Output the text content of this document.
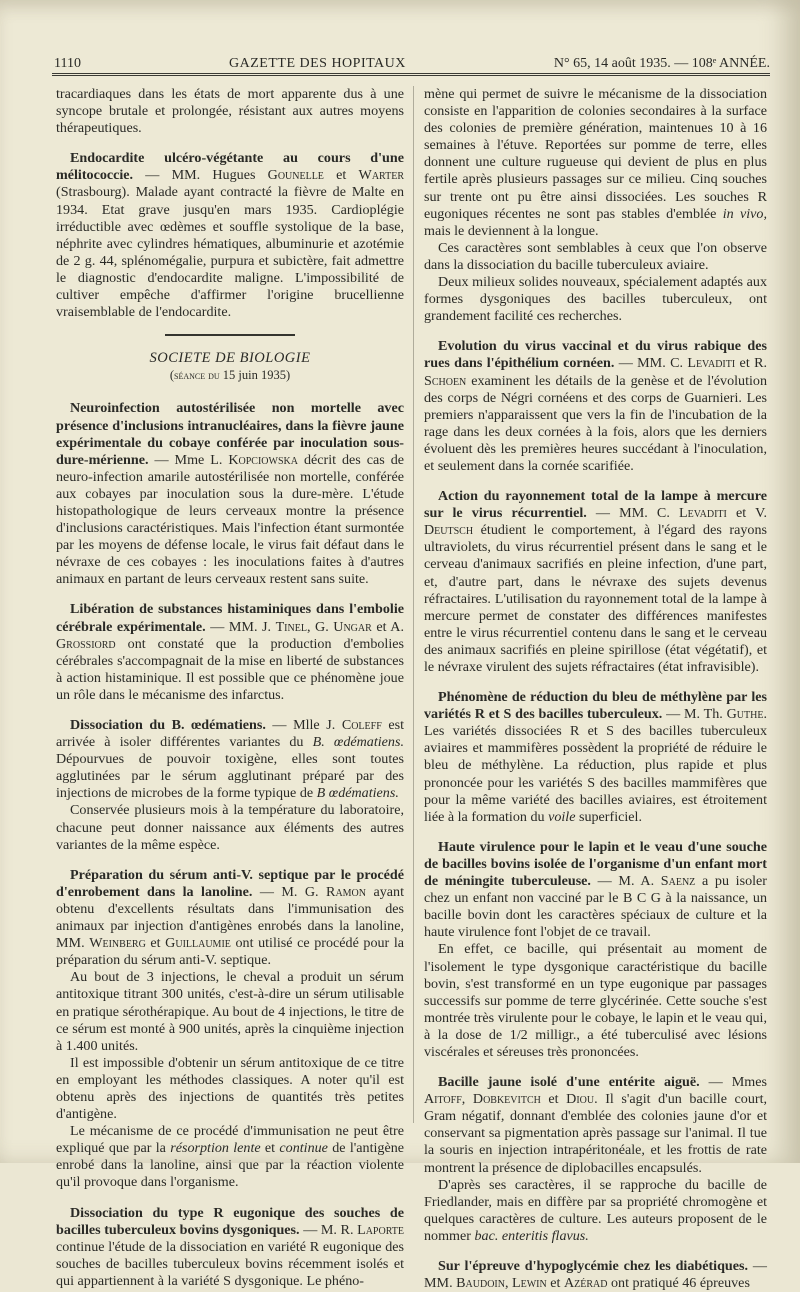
1110	GAZETTE DES HOPITAUX	N° 65, 14 août 1935. — 108ᵉ ANNÉE.

tracardiaques dans les états de mort apparente dus à une syncope brutale et prolongée, résistant aux autres moyens thérapeutiques.

Endocardite ulcéro-végétante au cours d'une mélitococcie. — MM. Hugues Gounelle et Warter (Strasbourg). Malade ayant contracté la fièvre de Malte en 1934. Etat grave jusqu'en mars 1935. Cardioplégie irréductible avec œdèmes et souffle systolique de la base, néphrite avec cylindres hématiques, albuminurie et azotémie de 2 g. 44, splénomégalie, purpura et subictère, fait admettre le diagnostic d'endocardite maligne. L'impossibilité de cultiver empêche d'affirmer l'origine brucellienne vraisemblable de l'endocardite.

SOCIETE DE BIOLOGIE
(séance du 15 juin 1935)

Neuroinfection autostérilisée non mortelle avec présence d'inclusions intranucléaires, dans la fièvre jaune expérimentale du cobaye conférée par inoculation sous-dure-mérienne. — Mme L. Kopciowska décrit des cas de neuro-infection amarile autostérilisée non mortelle, conférée aux cobayes par inoculation sous la dure-mère. L'étude histopathologique de leurs cerveaux montre la présence d'inclusions caractéristiques. Mais l'infection étant surmontée par les moyens de défense locale, le virus fait défaut dans le névraxe de ces cobayes : les inoculations faites à d'autres animaux en partant de leurs cerveaux restent sans suite.

Libération de substances histaminiques dans l'embolie cérébrale expérimentale. — MM. J. Tinel, G. Ungar et A. Grossiord ont constaté que la production d'embolies cérébrales s'accompagnait de la mise en liberté de substances à action histaminique. Il est possible que ce phénomène joue un rôle dans le mécanisme des infarctus.

Dissociation du B. œdématiens. — Mlle J. Coleff est arrivée à isoler différentes variantes du B. œdématiens. Dépourvues de pouvoir toxigène, elles sont toutes agglutinées par le sérum agglutinant préparé par des injections de microbes de la forme typique de B œdématiens.

Conservée plusieurs mois à la température du laboratoire, chacune peut donner naissance aux éléments des autres variantes de la même espèce.

Préparation du sérum anti-V. septique par le procédé d'enrobement dans la lanoline. — M. G. Ramon ayant obtenu d'excellents résultats dans l'immunisation des animaux par injection d'antigènes enrobés dans la lanoline, MM. Weinberg et Guillaumie ont utilisé ce procédé pour la préparation du sérum anti-V. septique.

Au bout de 3 injections, le cheval a produit un sérum antitoxique titrant 300 unités, c'est-à-dire un sérum utilisable en pratique sérothérapique. Au bout de 4 injections, le titre de ce sérum est monté à 900 unités, après la cinquième injection à 1.400 unités.

Il est impossible d'obtenir un sérum antitoxique de ce titre en employant les méthodes classiques. A noter qu'il est obtenu après des injections de quantités très petites d'antigène.

Le mécanisme de ce procédé d'immunisation ne peut être expliqué que par la résorption lente et continue de l'antigène enrobé dans la lanoline, ainsi que par la réaction violente qu'il provoque dans l'organisme.

Dissociation du type R eugonique des souches de bacilles tuberculeux bovins dysgoniques. — M. R. Laporte continue l'étude de la dissociation en variété R eugonique des souches de bacilles tuberculeux bovins récemment isolés et qui appartiennent à la variété S dysgonique. Le phéno-

mène qui permet de suivre le mécanisme de la dissociation consiste en l'apparition de colonies secondaires à la surface des colonies de première génération, maintenues 10 à 16 semaines à l'étuve. Reportées sur pomme de terre, elles donnent une culture rugueuse qui devient de plus en plus fertile après plusieurs passages sur ce milieu. Cinq souches sur trente ont pu être ainsi dissociées. Les souches R eugoniques récentes ne sont pas stables d'emblée in vivo, mais le deviennent à la longue.

Ces caractères sont semblables à ceux que l'on observe dans la dissociation du bacille tuberculeux aviaire.

Deux milieux solides nouveaux, spécialement adaptés aux formes dysgoniques des bacilles tuberculeux, ont grandement facilité ces recherches.

Evolution du virus vaccinal et du virus rabique des rues dans l'épithélium cornéen. — MM. C. Levaditi et R. Schoen examinent les détails de la genèse et de l'évolution des corps de Négri cornéens et des corps de Guarnieri. Les premiers n'apparaissent que vers la fin de l'incubation de la rage dans les deux cornées à la fois, alors que les derniers évoluent dès les premières heures succédant à l'inoculation, et seulement dans la cornée scarifiée.

Action du rayonnement total de la lampe à mercure sur le virus récurrentiel. — MM. C. Levaditi et V. Deutsch étudient le comportement, à l'égard des rayons ultraviolets, du virus récurrentiel présent dans le sang et le cerveau d'animaux sacrifiés en pleine infection, d'une part, et, d'autre part, dans le névraxe des sujets devenus réfractaires. L'utilisation du rayonnement total de la lampe à mercure permet de constater des différences manifestes entre le virus récurrentiel contenu dans le sang et le cerveau des animaux sacrifiés en pleine spirillose (état végétatif), et le névraxe virulent des sujets réfractaires (état infravisible).

Phénomène de réduction du bleu de méthylène par les variétés R et S des bacilles tuberculeux. — M. Th. Guthe. Les variétés dissociées R et S des bacilles tuberculeux aviaires et mammifères possèdent la propriété de réduire le bleu de méthylène. La réduction, plus rapide et plus prononcée pour les variétés S des bacilles mammifères que pour la même variété des bacilles aviaires, est étroitement liée à la formation du voile superficiel.

Haute virulence pour le lapin et le veau d'une souche de bacilles bovins isolée de l'organisme d'un enfant mort de méningite tuberculeuse. — M. A. Saenz a pu isoler chez un enfant non vacciné par le B C G à la naissance, un bacille bovin dont les caractères spéciaux de culture et la haute virulence font l'objet de ce travail.

En effet, ce bacille, qui présentait au moment de l'isolement le type dysgonique caractéristique du bacille bovin, s'est transformé en un type eugonique par passages successifs sur pomme de terre glycérinée. Cette souche s'est montrée très virulente pour le cobaye, le lapin et le veau qui, à la dose de 1/2 milligr., a été tuberculisé avec lésions viscérales et séreuses très prononcées.

Bacille jaune isolé d'une entérite aiguë. — Mmes Aitoff, Dobkevitch et Diou. Il s'agit d'un bacille court, Gram négatif, donnant d'emblée des colonies jaune d'or et conservant sa pigmentation après passage sur l'animal. Il tue la souris en injection intrapéritonéale, et les frottis de rate montrent la présence de diplobacilles encapsulés.

D'après ses caractères, il se rapproche du bacille de Friedlander, mais en diffère par sa propriété chromogène et quelques caractères de culture. Les auteurs proposent de le nommer bac. enteritis flavus.

Sur l'épreuve d'hypoglycémie chez les diabétiques. — MM. Baudoin, Lewin et Azérad ont pratiqué 46 épreuves
